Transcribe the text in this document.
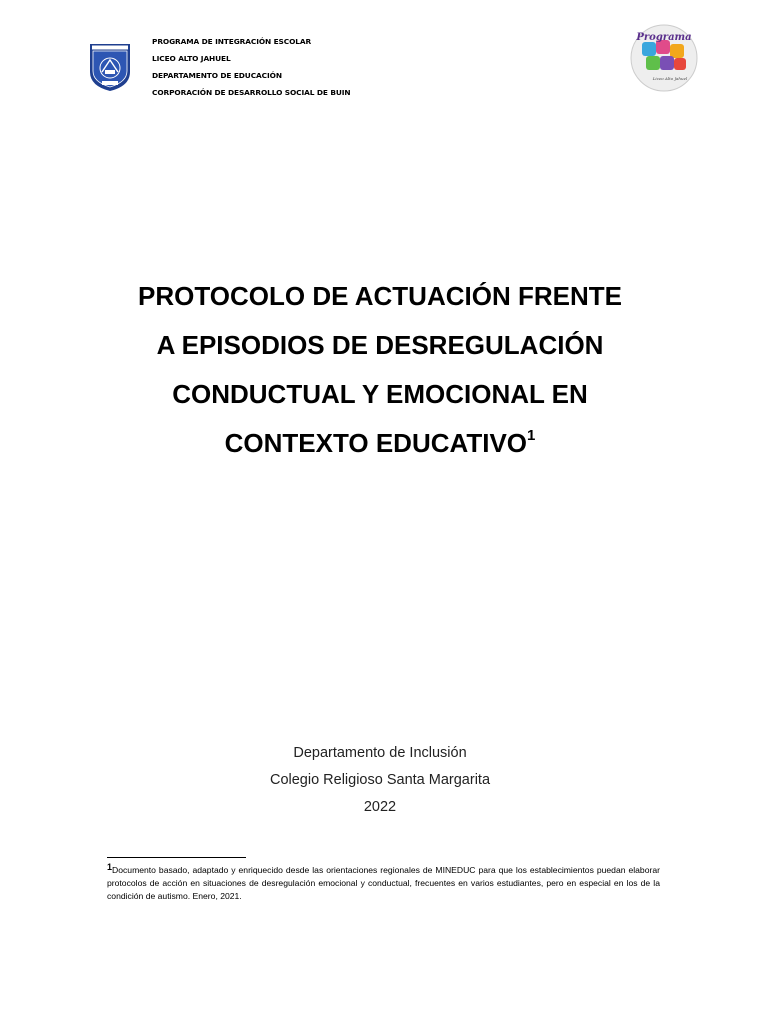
PROGRAMA DE INTEGRACIÓN ESCOLAR
LICEO ALTO JAHUEL
DEPARTAMENTO DE EDUCACIÓN
CORPORACIÓN DE DESARROLLO SOCIAL DE BUIN
Programa
Liceo Alto Jahuel
PROTOCOLO DE ACTUACIÓN FRENTE
A EPISODIOS DE DESREGULACIÓN
CONDUCTUAL Y EMOCIONAL EN
CONTEXTO EDUCATIVO$^1$
Departamento de Inclusión
Colegio Religioso Santa Margarita
2022
$^1$Documento basado, adaptado y enriquecido desde las orientaciones regionales de MINEDUC para que los establecimientos puedan elaborar protocolos de acción en situaciones de desregulación emocional y conductual, frecuentes en varios estudiantes, pero en especial en los de la condición de autismo. Enero, 2021.
